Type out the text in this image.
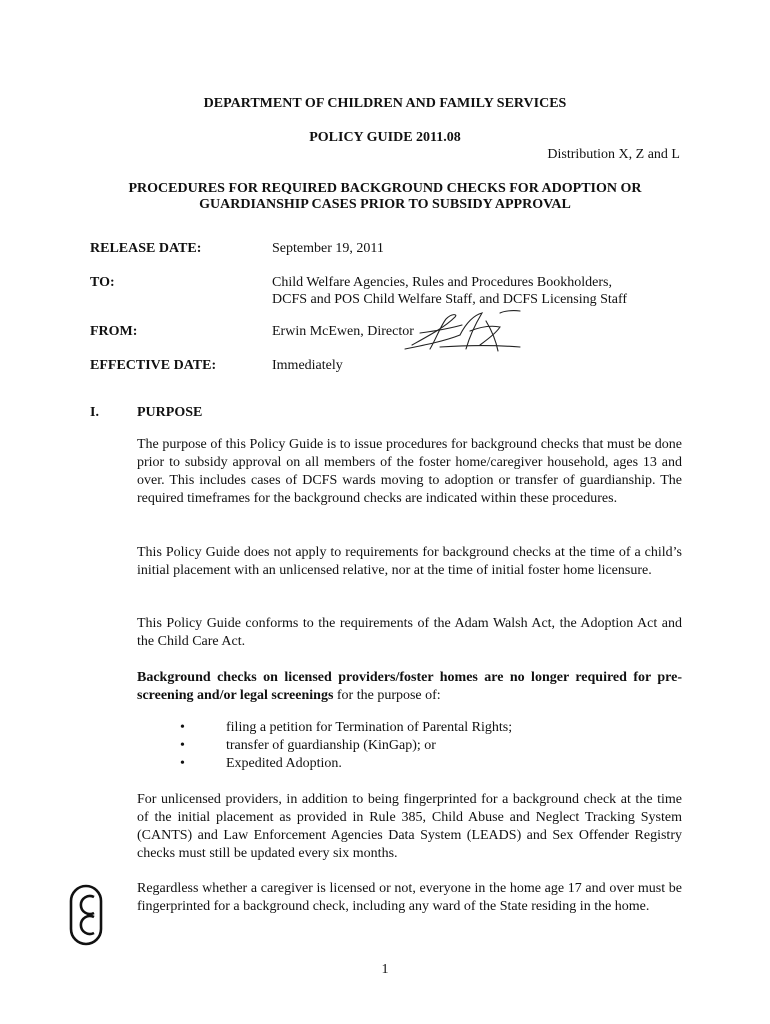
DEPARTMENT OF CHILDREN AND FAMILY SERVICES
POLICY GUIDE 2011.08
Distribution X, Z and L
PROCEDURES FOR REQUIRED BACKGROUND CHECKS FOR ADOPTION OR
GUARDIANSHIP CASES PRIOR TO SUBSIDY APPROVAL
RELEASE DATE:	September 19, 2011
TO:	Child Welfare Agencies, Rules and Procedures Bookholders,
DCFS and POS Child Welfare Staff, and DCFS Licensing Staff
FROM:	Erwin McEwen, Director
EFFECTIVE DATE:	Immediately
I.	PURPOSE
The purpose of this Policy Guide is to issue procedures for background checks that must be done prior to subsidy approval on all members of the foster home/caregiver household, ages 13 and over. This includes cases of DCFS wards moving to adoption or transfer of guardianship. The required timeframes for the background checks are indicated within these procedures.
This Policy Guide does not apply to requirements for background checks at the time of a child’s initial placement with an unlicensed relative, nor at the time of initial foster home licensure.
This Policy Guide conforms to the requirements of the Adam Walsh Act, the Adoption Act and the Child Care Act.
Background checks on licensed providers/foster homes are no longer required for pre-screening and/or legal screenings for the purpose of:
•	filing a petition for Termination of Parental Rights;
•	transfer of guardianship (KinGap); or
•	Expedited Adoption.
For unlicensed providers, in addition to being fingerprinted for a background check at the time of the initial placement as provided in Rule 385, Child Abuse and Neglect Tracking System (CANTS) and Law Enforcement Agencies Data System (LEADS) and Sex Offender Registry checks must still be updated every six months.
Regardless whether a caregiver is licensed or not, everyone in the home age 17 and over must be fingerprinted for a background check, including any ward of the State residing in the home.
1
